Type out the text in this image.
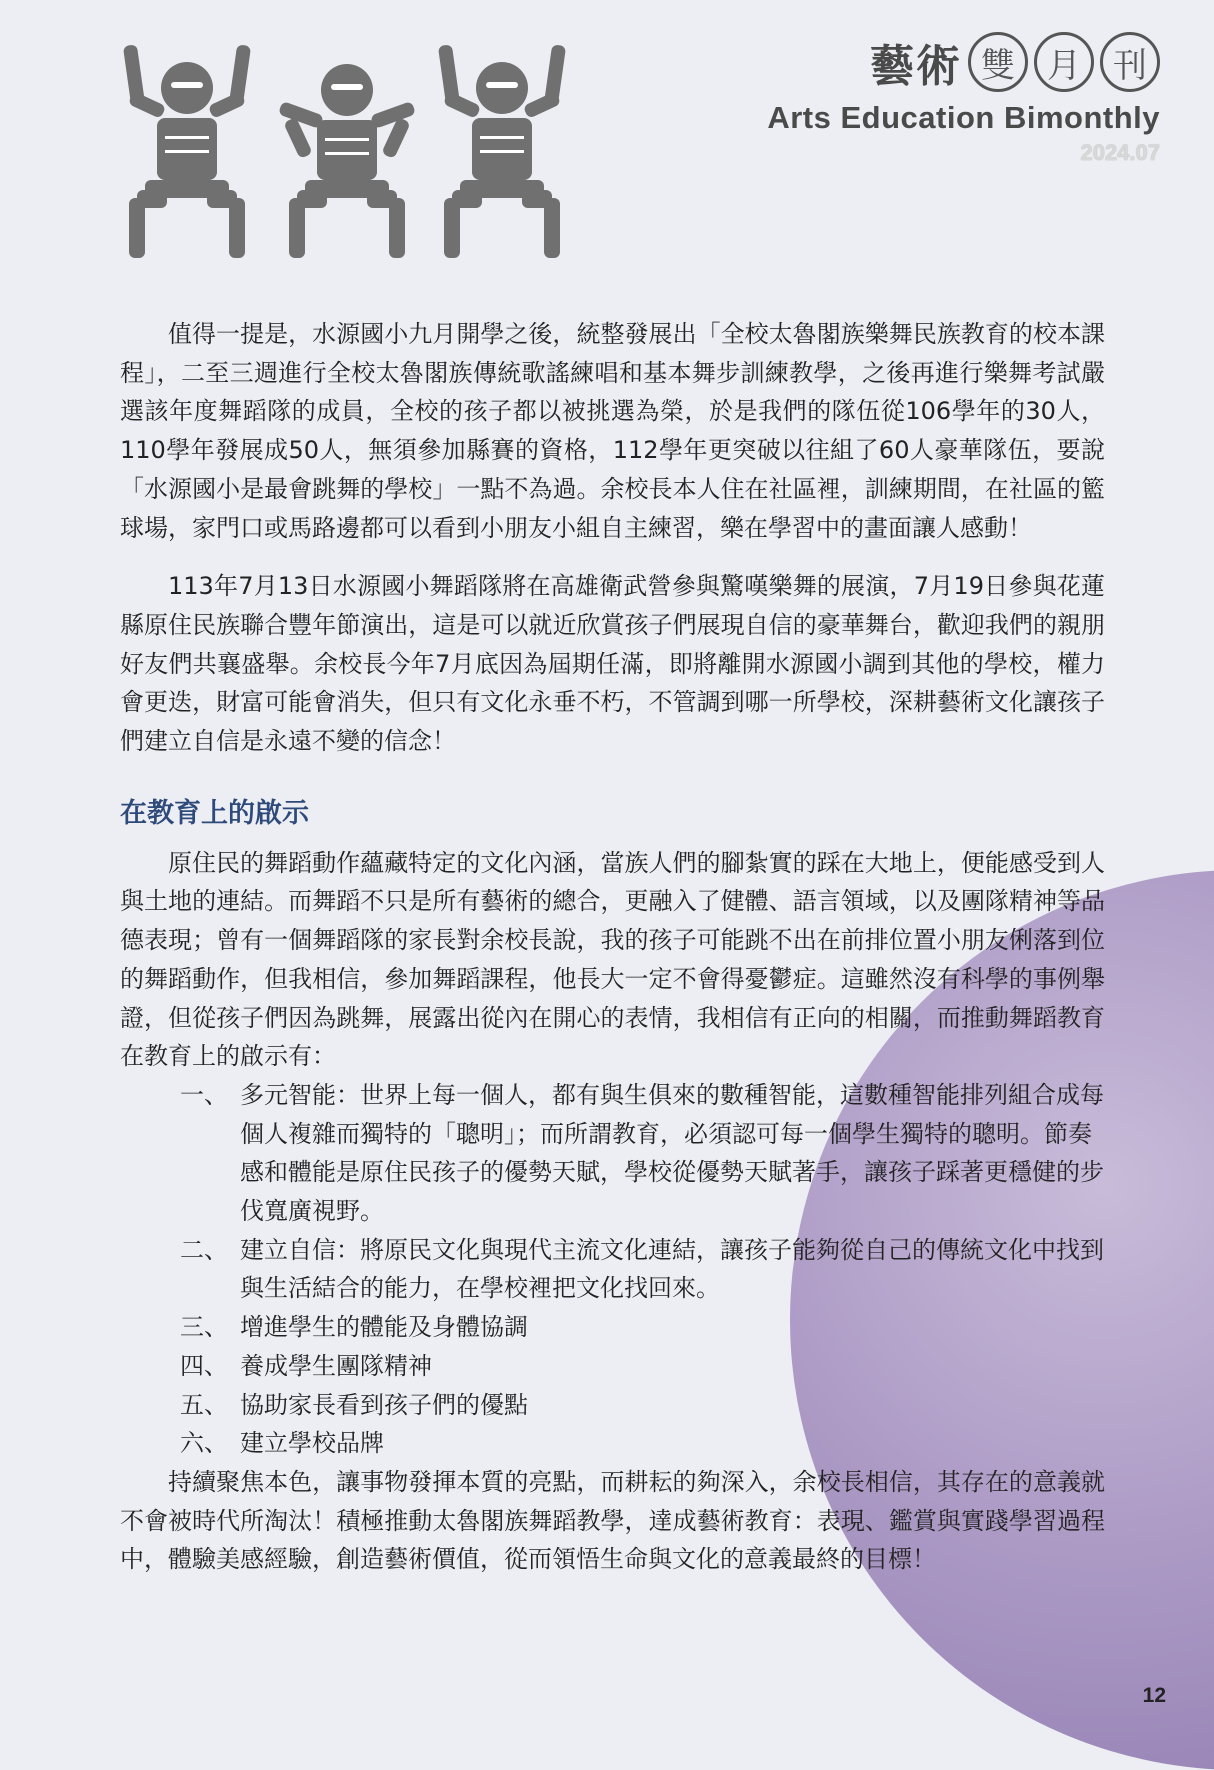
藝術 雙 月 刊
Arts Education Bimonthly
2024.07

值得一提是，水源國小九月開學之後，統整發展出「全校太魯閣族樂舞民族教育的校本課程」，二至三週進行全校太魯閣族傳統歌謠練唱和基本舞步訓練教學，之後再進行樂舞考試嚴選該年度舞蹈隊的成員，全校的孩子都以被挑選為榮，於是我們的隊伍從106學年的30人，110學年發展成50人，無須參加縣賽的資格，112學年更突破以往組了60人豪華隊伍，要說「水源國小是最會跳舞的學校」一點不為過。余校長本人住在社區裡，訓練期間，在社區的籃球場，家門口或馬路邊都可以看到小朋友小組自主練習，樂在學習中的畫面讓人感動！

113年7月13日水源國小舞蹈隊將在高雄衛武營參與驚嘆樂舞的展演，7月19日參與花蓮縣原住民族聯合豐年節演出，這是可以就近欣賞孩子們展現自信的豪華舞台，歡迎我們的親朋好友們共襄盛舉。余校長今年7月底因為屆期任滿，即將離開水源國小調到其他的學校，權力會更迭，財富可能會消失，但只有文化永垂不朽，不管調到哪一所學校，深耕藝術文化讓孩子們建立自信是永遠不變的信念！

在教育上的啟示

原住民的舞蹈動作蘊藏特定的文化內涵，當族人們的腳紮實的踩在大地上，便能感受到人與土地的連結。而舞蹈不只是所有藝術的總合，更融入了健體、語言領域，以及團隊精神等品德表現；曾有一個舞蹈隊的家長對余校長說，我的孩子可能跳不出在前排位置小朋友俐落到位的舞蹈動作，但我相信，參加舞蹈課程，他長大一定不會得憂鬱症。這雖然沒有科學的事例舉證，但從孩子們因為跳舞，展露出從內在開心的表情，我相信有正向的相關，而推動舞蹈教育在教育上的啟示有：

一、 多元智能：世界上每一個人，都有與生俱來的數種智能，這數種智能排列組合成每個人複雜而獨特的「聰明」；而所謂教育，必須認可每一個學生獨特的聰明。節奏感和體能是原住民孩子的優勢天賦，學校從優勢天賦著手，讓孩子踩著更穩健的步伐寬廣視野。
二、 建立自信：將原民文化與現代主流文化連結，讓孩子能夠從自己的傳統文化中找到與生活結合的能力，在學校裡把文化找回來。
三、 增進學生的體能及身體協調
四、 養成學生團隊精神
五、 協助家長看到孩子們的優點
六、 建立學校品牌

持續聚焦本色，讓事物發揮本質的亮點，而耕耘的夠深入，余校長相信，其存在的意義就不會被時代所淘汰！積極推動太魯閣族舞蹈教學，達成藝術教育：表現、鑑賞與實踐學習過程中，體驗美感經驗，創造藝術價值，從而領悟生命與文化的意義最終的目標！

12
